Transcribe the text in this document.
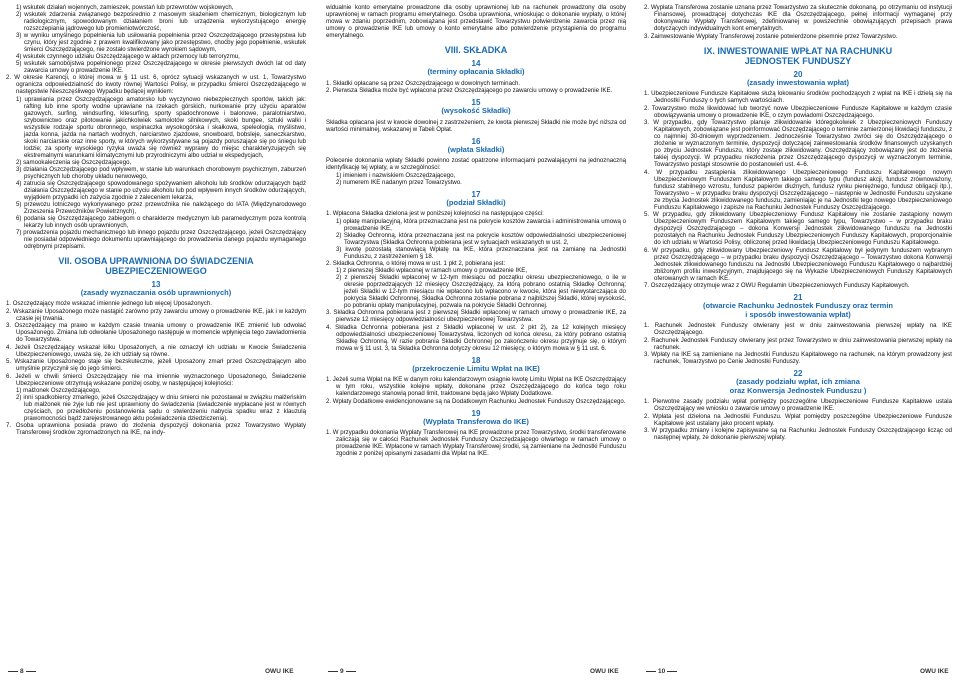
1) wskutek działań wojennych, zamieszek, powstań lub przewrotów wojskowych,
2) wskutek zdarzenia związanego bezpośrednio z masowym skażeniem chemicznym, biologicznym lub radiologicznym, spowodowanym działaniem broni lub urządzenia wykorzystującego energię rozszczepiania jądrowego lub promieniotwórczość,
3) w wyniku umyślnego popełnienia lub usiłowania popełnienia przez Oszczędzającego przestępstwa lub czynu, który jest zgodnie z prawem kwalifikowany jako przestępstwo, choćby jego popełnienie, wskutek śmierci Oszczędzającego, nie zostało stwierdzone wyrokiem sądowym,
4) wskutek czynnego udziału Oszczędzającego w aktach przemocy lub terroryzmu,
5) wskutek samobójstwa popełnionego przez Oszczędzającego w okresie pierwszych dwóch lat od daty zawarcia umowy o prowadzenie IKE.

2. W okresie Karencji, o której mowa w § 11 ust. 6, oprócz sytuacji wskazanych w ust. 1, Towarzystwo ogranicza odpowiedzialność do kwoty równej Wartości Polisy, w przypadku śmierci Oszczędzającego w następstwie Nieszczęśliwego Wypadku będącej wynikiem:

1) uprawiania przez Oszczędzającego amatorsko lub wyczynowo niebezpiecznych sportów, takich jak: rafting lub inne sporty wodne uprawiane na rzekach górskich, nurkowanie przy użyciu aparatów gazowych, surfing, windsurfing, kitesurfing, sporty spadochronowe i balonowe, paralotniarstwo, szybownictwo oraz pilotowanie jakichkolwiek samolotów silnikowych, skoki bungee, sztuki walki i wszystkie rodzaje sportu obronnego, wspinaczka wysokogórska i skałkowa, speleologia, myślistwo, jazda konna, jazda na nartach wodnych, narciarstwo zjazdowe, snowboard, bobsleje, saneczkarstwo, skoki narciarskie oraz inne sporty, w których wykorzystywane są pojazdy poruszające się po śniegu lub lodzie; za sporty wysokiego ryzyka uważa się również wyprawy do miejsc charakteryzujących się ekstremalnymi warunkami klimatycznymi lub przyrodniczymi albo udział w ekspedycjach,
2) samookaleczenia się Oszczędzającego,
3) działania Oszczędzającego pod wpływem, w stanie lub warunkach chorobowym psychicznym, zaburzeń psychicznych lub choroby układu nerwowego,
4) zatrucia się Oszczędzającego spowodowanego spożywaniem alkoholu lub środków odurzających bądź działania Oszczędzającego w stanie po użyciu alkoholu lub pod wpływem innych środków odurzających, wyjątkiem przypadki ich zażycia zgodnie z zaleceniem lekarza,
5) przewozu lotniczego wykonywanego przez przewoźnika nie należącego do IATA (Międzynarodowego Zrzeszenia Przewoźników Powietrznych),
6) podania się Oszczędzającego zabiegom o charakterze medycznym lub paramedycznym poza kontrolą lekarzy lub innych osób uprawnionych,
7) prowadzenia pojazdu mechanicznego lub innego pojazdu przez Oszczędzającego, jeżeli Oszczędzający nie posiadał odpowiedniego dokumentu uprawniającego do prowadzenia danego pojazdu wymaganego odrębnymi przepisami.
VII. OSOBA UPRAWNIONA DO ŚWIADCZENIA
UBEZPIECZENIOWEGO
13
(zasady wyznaczania osób uprawnionych)

1. Oszczędzający może wskazać imiennie jednego lub więcej Uposażonych.

2. Wskazanie Uposażonego może nastąpić zarówno przy zawarciu umowy o prowadzenie IKE, jak i w każdym czasie jej trwania.

3. Oszczędzający ma prawo w każdym czasie trwania umowy o prowadzenie IKE zmienić lub odwołać Uposażonego. Zmiana lub odwołanie Uposażonego następuje w momencie wpłynięcia tego zawiadomienia do Towarzystwa.

4. Jeżeli Oszczędzający wskazał kilku Uposażonych, a nie oznaczył ich udziału w Kwocie Świadczenia Ubezpieczeniowego, uważa się, że ich udziały są równe.

5. Wskazanie Uposażonego staje się bezskuteczne, jeżeli Uposażony zmarł przed Oszczędzającym albo umyślnie przyczynił się do jego śmierci.

6. Jeżeli w chwili śmierci Oszczędzający nie ma imiennie wyznaczonego Uposażonego, Świadczenie Ubezpieczeniowe otrzymują wskazane poniżej osoby, w następującej kolejności:

1) małżonek Oszczędzającego,
2) inni spadkobiercy zmarłego, jeżeli Oszczędzający w dniu śmierci nie pozostawał w związku małżeńskim lub małżonek nie żyje lub nie jest uprawniony do świadczenia (świadczenie wypłacane jest w równych częściach, po przedłożeniu postanowienia sądu o stwierdzeniu nabycia spadku wraz z klauzulą prawomocności bądź zarejestrowanego aktu poświadczenia dziedziczenia).

7. Osoba uprawniona posiada prawo do złożenia dyspozycji dokonania przez Towarzystwo Wypłaty Transferowej środków zgromadzonych na IKE, na indy-

widualnie konto emerytalne prowadzone dla osoby uprawnionej lub na rachunek prowadzony dla osoby uprawnionej w ramach programu emerytalnego. Osoba uprawniona, wnioskując o dokonanie wypłaty, o której mowa w zdaniu poprzednim, zobowiązana jest przedstawić Towarzystwu potwierdzenie zawarcia przez nią umowy o prowadzenie IKE lub umowy o konto emerytalne albo potwierdzenie przystąpienia do programu emerytalnego.

VIII. SKŁADKA
14
(terminy opłacania Składki)

1. Składki opłacane są przez Oszczędzającego w dowolnych terminach.

2. Pierwsza Składka może być wpłacona przez Oszczędzającego po zawarciu umowy o prowadzenie IKE.

15
(wysokość Składki)

Składka opłacana jest w kwocie dowolnej z zastrzeżeniem, że kwota pierwszej Składki nie może być niższa od wartości minimalnej, wskazanej w Tabeli Opłat.

16
(wpłata Składki)

Polecenie dokonania wpłaty Składki powinno zostać opatrzone informacjami pozwalającymi na jednoznaczną identyfikację tej wpłaty, a w szczególności:

1) imieniem i nazwiskiem Oszczędzającego,
2) numerem IKE nadanym przez Towarzystwo.
17
(podział Składki)

1. Wpłacona Składka dzielona jest w poniższej kolejności na następujące części:

1) opłatę manipulacyjną, która przeznaczana jest na pokrycie kosztów zawarcia i administrowania umową o prowadzenie IKE,
2) Składkę Ochronną, która przeznaczana jest na pokrycie kosztów odpowiedzialności ubezpieczeniowej Towarzystwa (Składka Ochronna pobierana jest w sytuacjach wskazanych w ust. 2,
3) kwotę pozostałą stanowiącą Wpłatę na IKE, która przeznaczana jest na zamianę na Jednostki Funduszu, z zastrzeżeniem § 18.

2. Składka Ochronna, o której mowa w ust. 1 pkt 2, pobierana jest:

1) z pierwszej Składki wpłaconej w ramach umowy o prowadzenie IKE,
2) z pierwszej Składki wpłaconej w 12-tym miesiącu od początku okresu ubezpieczeniowego, o ile w okresie poprzedzających 12 miesięcy Oszczędzający, za którą pobrano ostatnią Składkę Ochronną; jeżeli Składki w 12-tym miesiącu nie wpłacono lub wpłacono w kwocie, która jest niewystarczająca do pokrycia Składki Ochronnej, Składka Ochronna zostanie pobrana z najbliższej Składki, której wysokość, po pobraniu opłaty manipulacyjnej, pozwala na pokrycie Składki Ochronnej.

3. Składka Ochronna pobierana jest z pierwszej Składki wpłaconej w ramach umowy o prowadzenie IKE, za pierwsze 12 miesięcy odpowiedzialności ubezpieczeniowej Towarzystwa.

4. Składka Ochronna pobierana jest z Składki wpłaconej w ust. 2 pkt 2), za 12 kolejnych miesięcy odpowiedzialności ubezpieczeniowej Towarzystwa, liczonych od końca okresu, za który pobrano ostatnią Składkę Ochronną. W razie pobrania Składki Ochronnej po zakończeniu okresu przyjmuje się, o którym mowa w § 11 ust. 3, ta Składka Ochronna dotyczy okresu 12 miesięcy, o którym mowa w § 11 ust. 6.

18
(przekroczenie Limitu Wpłat na IKE)

1. Jeżeli suma Wpłat na IKE w danym roku kalendarzowym osiągnie kwotę Limitu Wpłat na IKE Oszczędzający w tym roku, wszystkie kolejne wpłaty, dokonane przez Oszczędzającego do końca tego roku kalendarzowego stanowią ponad limit, traktowane będą jako Wpłaty Dodatkowe.

2. Wpłaty Dodatkowe ewidencjonowane są na Dodatkowym Rachunku Jednostek Funduszy Oszczędzającego.

19
(Wypłata Transferowa do IKE)

1. W przypadku dokonania Wypłaty Transferowej na IKE prowadzone przez Towarzystwo, środki transferowane zaliczają się w całości Rachunek Jednostek Funduszy Oszczędzającego otwartego w ramach umowy o prowadzenie IKE. Wpłacone w ramach Wypłaty Transferowej środki, są zamieniane na Jednostki Funduszu zgodnie z poniżej opisanymi zasadami dla Wpłat na IKE.

2. Wypłata Transferowa zostanie uznana przez Towarzystwo za skutecznie dokonaną, po otrzymaniu od instytucji Finansowej, prowadzącej dotychczas IKE dla Oszczędzającego, pełnej informacji wymaganej przy dokonywaniu Wypłaty Transferowej, zdefiniowanej w powszechnie obowiązujących przepisach prawa dotyczących indywidualnych kont emerytalnych.

3. Zainwestowanie Wypłaty Transferowej zostanie potwierdzone pisemnie przez Towarzystwo.

IX. INWESTOWANIE WPŁAT NA RACHUNKU
JEDNOSTEK FUNDUSZY
20
(zasady inwestowania wpłat)

1. Ubezpieczeniowe Fundusze Kapitałowe służą lokowaniu środków pochodzących z wpłat na IKE i dzielą się na Jednostki Funduszy o tych samych wartościach.

2. Towarzystwo może likwidować lub tworzyć nowe Ubezpieczeniowe Fundusze Kapitałowe w każdym czasie obowiązywania umowy o prowadzenie IKE, o czym powiadomi Oszczędzającego.

3. W przypadku, gdy Towarzystwo planuje zlikwidowanie któregokolwiek z Ubezpieczeniowych Funduszy Kapitałowych, zobowiązane jest poinformować Oszczędzającego o terminie zamierzonej likwidacji funduszu, z co najmniej 30-dniowym wyprzedzeniem. Jednocześnie Towarzystwo zwróci się do Oszczędzającego o złożenie w wyznaczonym terminie, dyspozycji dotyczącej zainwestowania środków finansowych uzyskanych po zbyciu Jednostek Funduszu, który zostaje zlikwidowany. Oszczędzający zobowiązany jest do złożenia takiej dyspozycji. W przypadku niezłożenia przez Oszczędzającego dyspozycji w wyznaczonym terminie, Towarzystwo postąpi stosownie do postanowień ust. 4–6.

4. W przypadku zastąpienia zlikwidowanego Ubezpieczeniowego Funduszu Kapitałowego nowym Ubezpieczeniowym Funduszem Kapitałowym takiego samego typu (fundusz akcji, fundusz zrównoważony, fundusz stabilnego wzrostu, fundusz papierów dłużnych, fundusz rynku pieniężnego, fundusz obligacji itp.), Towarzystwo – w przypadku braku dyspozycji Oszczędzającego – następnie w Jednostki Funduszu uzyskane ze zbycia Jednostek zlikwidowanego funduszu, zamieniając je na Jednostki tego nowego Ubezpieczeniowego Funduszu Kapitałowego i zapisze na Rachunku Jednostek Funduszy Oszczędzającego.

5. W przypadku, gdy zlikwidowany Ubezpieczeniowy Fundusz Kapitałowy nie zostanie zastąpiony nowym Ubezpieczeniowym Funduszem Kapitałowym takiego samego typu, Towarzystwo – w przypadku braku dyspozycji Oszczędzającego – dokona Konwersji Jednostek zlikwidowanego funduszu na Jednostki pozostałych na Rachunku Jednostek Funduszy Ubezpieczeniowych Funduszy Kapitałowych, proporcjonalnie do ich udziału w Wartości Polisy, obliczonej przed likwidacją Ubezpieczeniowego Funduszu Kapitałowego.

6. W przypadku, gdy zlikwidowany Ubezpieczeniowy Fundusz Kapitałowy był jedynym funduszem wybranym przez Oszczędzającego – w przypadku braku dyspozycji Oszczędzającego – Towarzystwo dokona Konwersji Jednostek zlikwidowanego funduszu na Jednostki Ubezpieczeniowego Funduszu Kapitałowego o najbardziej zbliżonym profilu inwestycyjnym, znajdującego się na Wykazie Ubezpieczeniowych Funduszy Kapitałowych oferowanych w ramach IKE.

7. Oszczędzający otrzymuje wraz z OWU Regulamin Ubezpieczeniowych Funduszy Kapitałowych.

21
(otwarcie Rachunku Jednostek Funduszy oraz termin
i sposób inwestowania wpłat)

1. Rachunek Jednostek Funduszy otwierany jest w dniu zainwestowania pierwszej wpłaty na IKE Oszczędzającego.

2. Rachunek Jednostek Funduszy otwierany jest przez Towarzystwo w dniu zainwestowania pierwszej wpłaty na rachunek.

3. Wpłaty na IKE są zamieniane na Jednostki Funduszu Kapitałowego na rachunek, na którym prowadzony jest rachunek, Towarzystwo po Cenie Jednostki Funduszy.

22
(zasady podziału wpłat, ich zmiana
oraz Konwersja Jednostek Funduszu )

1. Pierwotne zasady podziału wpłat pomiędzy poszczególne Ubezpieczeniowe Fundusze Kapitałowe ustala Oszczędzający we wniosku o zawarcie umowy o prowadzenie IKE.

2. Wpłata jest dzielona na Jednostki Funduszu. Wpłat pomiędzy poszczególne Ubezpieczeniowe Fundusze Kapitałowe jest ustalany jako procent wpłaty.

3. W przypadku zmiany i kolejne zapisywane są na Rachunku Jednostek Funduszy Oszczędzającego licząc od następnej wpłaty, że dokonanie pierwszej wpłaty.

8	OWU IKE	9	OWU IKE	10	OWU IKE
